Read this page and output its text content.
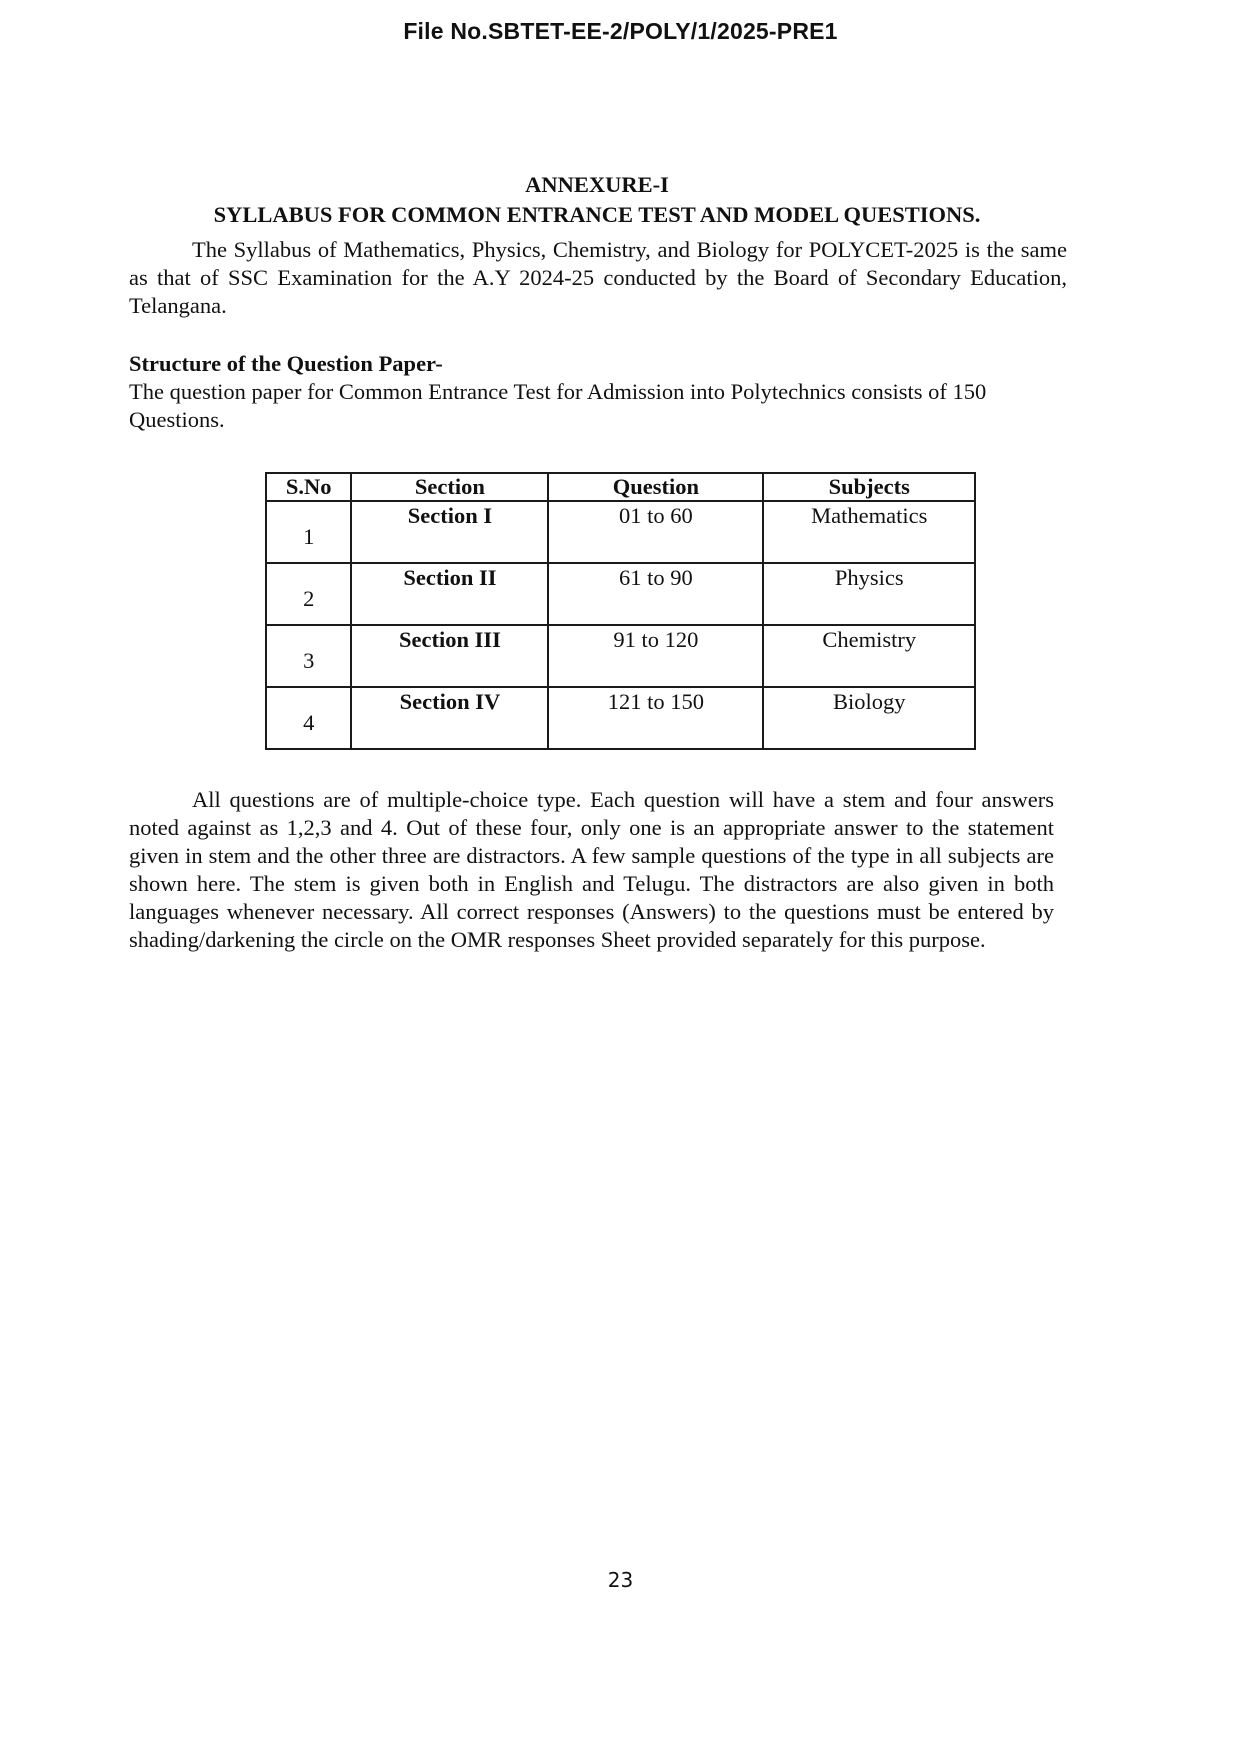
File No.SBTET-EE-2/POLY/1/2025-PRE1

ANNEXURE-I

SYLLABUS FOR COMMON ENTRANCE TEST AND MODEL QUESTIONS.

The Syllabus of Mathematics, Physics, Chemistry, and Biology for POLYCET-2025 is the same as that of SSC Examination for the A.Y 2024-25 conducted by the Board of Secondary Education, Telangana.

Structure of the Question Paper-

The question paper for Common Entrance Test for Admission into Polytechnics consists of 150 Questions.

S.No	Section	Question	Subjects
1	Section I	01 to 60	Mathematics
2	Section II	61 to 90	Physics
3	Section III	91 to 120	Chemistry
4	Section IV	121 to 150	Biology

All questions are of multiple-choice type. Each question will have a stem and four answers noted against as 1,2,3 and 4. Out of these four, only one is an appropriate answer to the statement given in stem and the other three are distractors. A few sample questions of the type in all subjects are shown here. The stem is given both in English and Telugu. The distractors are also given in both languages whenever necessary. All correct responses (Answers) to the questions must be entered by shading/darkening the circle on the OMR responses Sheet provided separately for this purpose.

23
